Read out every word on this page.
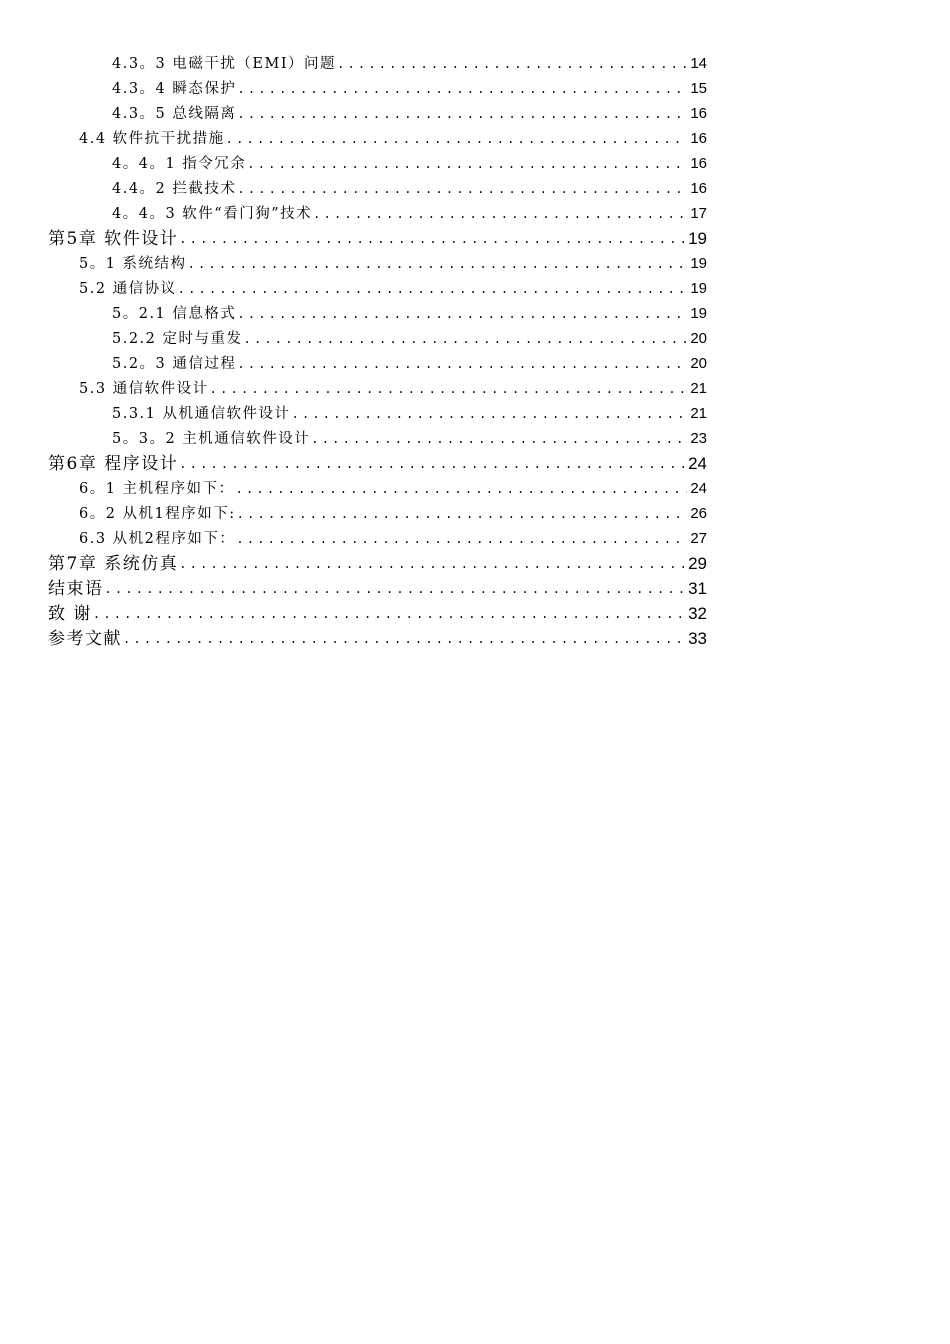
4.3。3 电磁干扰（EMI）问题 .....	14
4.3。4 瞬态保护 .....	15
4.3。5 总线隔离 .....	16
4.4 软件抗干扰措施 .....	16
4。4。1 指令冗余 .....	16
4.4。2 拦截技术 .....	16
4。4。3 软件“看门狗”技术 .....	17
第5章 软件设计 .....	19
5。1 系统结构 .....	19
5.2 通信协议 .....	19
5。2.1 信息格式 .....	19
5.2.2 定时与重发 .....	20
5.2。3 通信过程 .....	20
5.3 通信软件设计 .....	21
5.3.1 从机通信软件设计 .....	21
5。3。2 主机通信软件设计 .....	23
第6章 程序设计 .....	24
6。1 主机程序如下： .....	24
6。2 从机1程序如下: .....	26
6.3 从机2程序如下： .....	27
第7章 系统仿真 .....	29
结束语 .....	31
致 谢 .....	32
参考文献 .....	33
